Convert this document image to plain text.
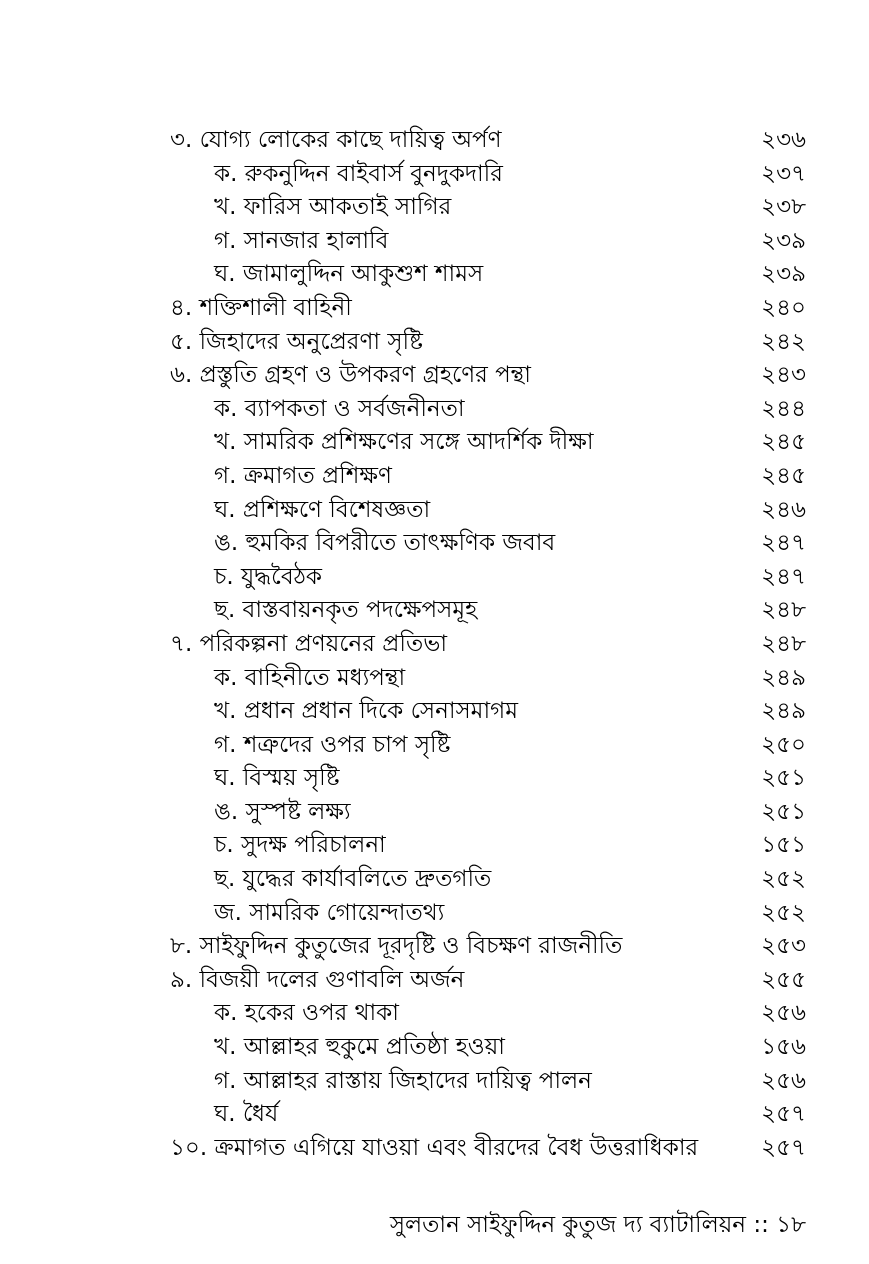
৩. যোগ্য লোকের কাছে দায়িত্ব অর্পণ	২৩৬
ক. রুকনুদ্দিন বাইবার্স বুনদুকদারি	২৩৭
খ. ফারিস আকতাই সাগির	২৩৮
গ. সানজার হালাবি	২৩৯
ঘ. জামালুদ্দিন আকুশুশ শামস	২৩৯
৪. শক্তিশালী বাহিনী	২৪০
৫. জিহাদের অনুপ্রেরণা সৃষ্টি	২৪২
৬. প্রস্তুতি গ্রহণ ও উপকরণ গ্রহণের পন্থা	২৪৩
ক. ব্যাপকতা ও সর্বজনীনতা	২৪৪
খ. সামরিক প্রশিক্ষণের সঙ্গে আদর্শিক দীক্ষা	২৪৫
গ. ক্রমাগত প্রশিক্ষণ	২৪৫
ঘ. প্রশিক্ষণে বিশেষজ্ঞতা	২৪৬
ঙ. হুমকির বিপরীতে তাৎক্ষণিক জবাব	২৪৭
চ. যুদ্ধবৈঠক	২৪৭
ছ. বাস্তবায়নকৃত পদক্ষেপসমূহ	২৪৮
৭. পরিকল্পনা প্রণয়নের প্রতিভা	২৪৮
ক. বাহিনীতে মধ্যপন্থা	২৪৯
খ. প্রধান প্রধান দিকে সেনাসমাগম	২৪৯
গ. শত্রুদের ওপর চাপ সৃষ্টি	২৫০
ঘ. বিস্ময় সৃষ্টি	২৫১
ঙ. সুস্পষ্ট লক্ষ্য	২৫১
চ. সুদক্ষ পরিচালনা	১৫১
ছ. যুদ্ধের কার্যাবলিতে দ্রুতগতি	২৫২
জ. সামরিক গোয়েন্দাতথ্য	২৫২
৮. সাইফুদ্দিন কুতুজের দূরদৃষ্টি ও বিচক্ষণ রাজনীতি	২৫৩
৯. বিজয়ী দলের গুণাবলি অর্জন	২৫৫
ক. হকের ওপর থাকা	২৫৬
খ. আল্লাহর হুকুমে প্রতিষ্ঠা হওয়া	১৫৬
গ. আল্লাহর রাস্তায় জিহাদের দায়িত্ব পালন	২৫৬
ঘ. ধৈর্য	২৫৭
১০. ক্রমাগত এগিয়ে যাওয়া এবং বীরদের বৈধ উত্তরাধিকার	২৫৭
সুলতান সাইফুদ্দিন কুতুজ দ্য ব্যাটালিয়ন :: ১৮
